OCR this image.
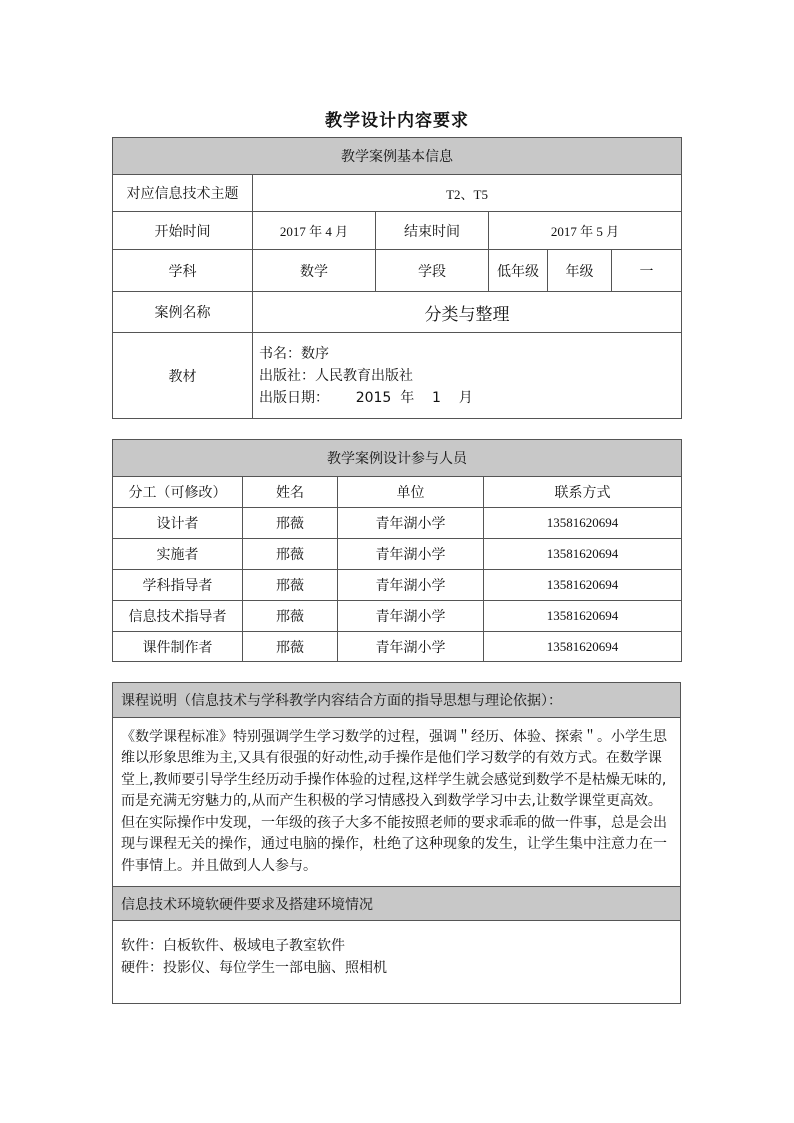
教学设计内容要求
教学案例基本信息					
对应信息技术主题	T2、T5				
开始时间	2017 年 4 月	结束时间	2017 年 5 月		
学科	数学	学段	低年级	年级	一
案例名称	分类与整理				
教材	书名：数序
出版社：人民教育出版社
出版日期：      2015  年    1    月				
教学案例设计参与人员			
分工（可修改）	姓名	单位	联系方式
设计者	邢薇	青年湖小学	13581620694
实施者	邢薇	青年湖小学	13581620694
学科指导者	邢薇	青年湖小学	13581620694
信息技术指导者	邢薇	青年湖小学	13581620694
课件制作者	邢薇	青年湖小学	13581620694
课程说明（信息技术与学科教学内容结合方面的指导思想与理论依据）：
《数学课程标准》特别强调学生学习数学的过程，强调＂经历、体验、探索＂。小学生思维以形象思维为主,又具有很强的好动性,动手操作是他们学习数学的有效方式。在数学课堂上,教师要引导学生经历动手操作体验的过程,这样学生就会感觉到数学不是枯燥无味的,而是充满无穷魅力的,从而产生积极的学习情感投入到数学学习中去,让数学课堂更高效。但在实际操作中发现，一年级的孩子大多不能按照老师的要求乖乖的做一件事，总是会出现与课程无关的操作，通过电脑的操作，杜绝了这种现象的发生，让学生集中注意力在一件事情上。并且做到人人参与。
信息技术环境软硬件要求及搭建环境情况

软件：白板软件、极域电子教室软件
硬件：投影仪、每位学生一部电脑、照相机
